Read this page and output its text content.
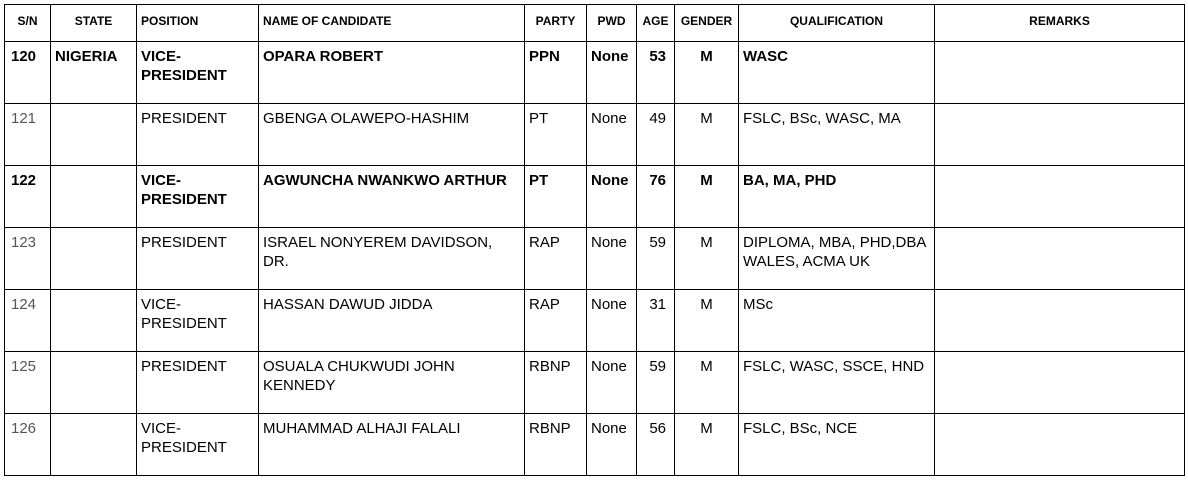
S/N	STATE	POSITION	NAME OF CANDIDATE	PARTY	PWD	AGE	GENDER	QUALIFICATION	REMARKS
120	NIGERIA	VICE-PRESIDENT	OPARA ROBERT	PPN	None	53	M	WASC	
121		PRESIDENT	GBENGA OLAWEPO-HASHIM	PT	None	49	M	FSLC, BSc, WASC, MA	
122		VICE-PRESIDENT	AGWUNCHA NWANKWO ARTHUR	PT	None	76	M	BA, MA, PHD	
123		PRESIDENT	ISRAEL NONYEREM DAVIDSON, DR.	RAP	None	59	M	DIPLOMA, MBA, PHD,DBA WALES, ACMA UK	
124		VICE-PRESIDENT	HASSAN DAWUD JIDDA	RAP	None	31	M	MSc	
125		PRESIDENT	OSUALA CHUKWUDI JOHN KENNEDY	RBNP	None	59	M	FSLC, WASC, SSCE, HND	
126		VICE-PRESIDENT	MUHAMMAD ALHAJI FALALI	RBNP	None	56	M	FSLC, BSc, NCE	
